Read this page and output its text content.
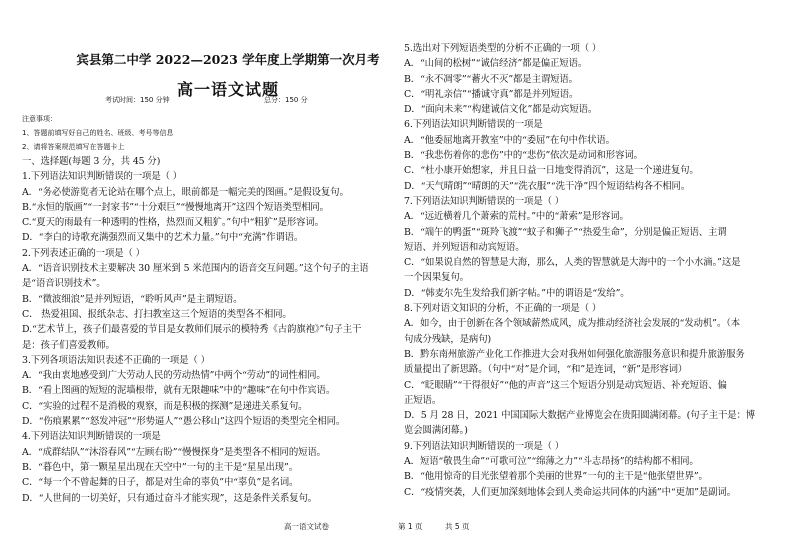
宾县第二中学 2022—2023 学年度上学期第一次月考
高一语文试题
考试时间：150 分钟	总分：150 分
注意事项：
1、答题前填写好自己的姓名、班级、考号等信息
2、请将答案规范填写在答题卡上
一、选择题(每题 3 分，共 45 分)
1.下列语法知识判断错误的一项是（ ）
A．“务必使游览者无论站在哪个点上，眼前都是一幅完美的图画。”是假设复句。
B.“永恒的版画”“一封家书”“十分艰巨”“慢慢地离开”这四个短语类型相同。
C.“夏天的雨最有一种透明的性格，热烈而又粗犷。”句中“粗犷”是形容词。
D．“李白的诗歌充满强烈而又集中的艺术力量。”句中“充满”作谓语。
2.下列表述正确的一项是（ ）
A．“语音识别技术主要解决 30 厘米到 5 米范围内的语音交互问题。”这个句子的主语
是“语音识别技术”。
B．“微波细浪”是并列短语，“聆听风声”是主谓短语。
C． 热爱祖国、报纸杂志、打扫教室这三个短语的类型各不相同。
D.“艺术节上，孩子们最喜爱的节目是女教师们展示的模特秀《古韵旗袍》”句子主干
是：孩子们喜爱教师。
3.下列各项语法知识表述不正确的一项是（ ）
A．“我由衷地感受到广大劳动人民的劳动热情”中两个“劳动”的词性相同。
B．“看上图画的短短的泥墙根带，就有无限趣味”中的“趣味”在句中作宾语。
C．“实验的过程不是消极的观察，而是积极的探测”是递进关系复句。
D．“伤痕累累”“怒发冲冠”“形势逼人”“愚公移山”这四个短语的类型完全相同。
4.下列语法知识判断错误的一项是
A．“成群结队”“沐浴春风”“左顾右盼”“慢慢探身”是类型各不相同的短语。
B．“暮色中，第一颗星星出现在天空中”一句的主干是“星星出现”。
C．“每一个不曾起舞的日子，都是对生命的辜负”中“辜负”是名词。
D．“人世间的一切美好，只有通过奋斗才能实现”，这是条件关系复句。
5.选出对下列短语类型的分析不正确的一项（ ）
A．“山间的松树”“诚信经济”都是偏正短语。
B．“永不凋零”“蓄火不灭”都是主谓短语。
C．“明礼亲信”“播诚守真”都是并列短语。
D．“面向未来”“构建诚信文化”都是动宾短语。
6.下列语法知识判断错误的一项是
A．“他委屈地离开教室”中的“委屈”在句中作状语。
B．“我悲伤着你的悲伤”中的“悲伤”依次是动词和形容词。
C．“杜小康开始想家，并且日益一日地变得消沉”，这是一个递进复句。
D．“天气晴朗”“晴朗的天”“洗衣服”“洗干净”四个短语结构各不相同。
7.下列语法知识判断错误的一项是（ ）
A．“远近横着几个萧索的荒村。”中的“萧索”是形容词。
B．“端午的鸭蛋”“斑羚飞渡”“蚊子和狮子”“热爱生命”，分别是偏正短语、主谓
短语、并列短语和动宾短语。
C．“如果说自然的智慧是大海，那么，人类的智慧就是大海中的一个小水滴。”这是
一个因果复句。
D．“韩麦尔先生发给我们新字帖。”中的谓语是“发给”。
8.下列对语文知识的分析，不正确的一项是（ ）
A．如今，由于创新在各个领域薪然成风，成为推动经济社会发展的“发动机”。（本
句成分残缺，是病句)
B．黔东南州旅游产业化工作推进大会对我州如何强化旅游服务意识和提升旅游服务
质量提出了新思路。（句中“对”是介词，“和”是连词，“新”是形容词）
C．“眨眼睛”“干得很好”“他的声音”这三个短语分别是动宾短语、补充短语、偏
正短语。
D．5 月 28 日，2021 中国国际大数据产业博览会在贵阳圆满闭幕。(句子主干是：博
览会圆满闭幕。)
9.下列语法知识判断错误的一项是（ ）
A．短语“敬畏生命”“可歌可泣”“绵薄之力”“斗志昂扬”的结构都不相同。
B．“他用惊奇的目光张望着那个美丽的世界”一句的主干是“他张望世界”。
C．“疫情突袭，人们更加深刻地体会到人类命运共同体的内涵”中“更加”是副词。
高一语文试卷	第 1 页	共 5 页
